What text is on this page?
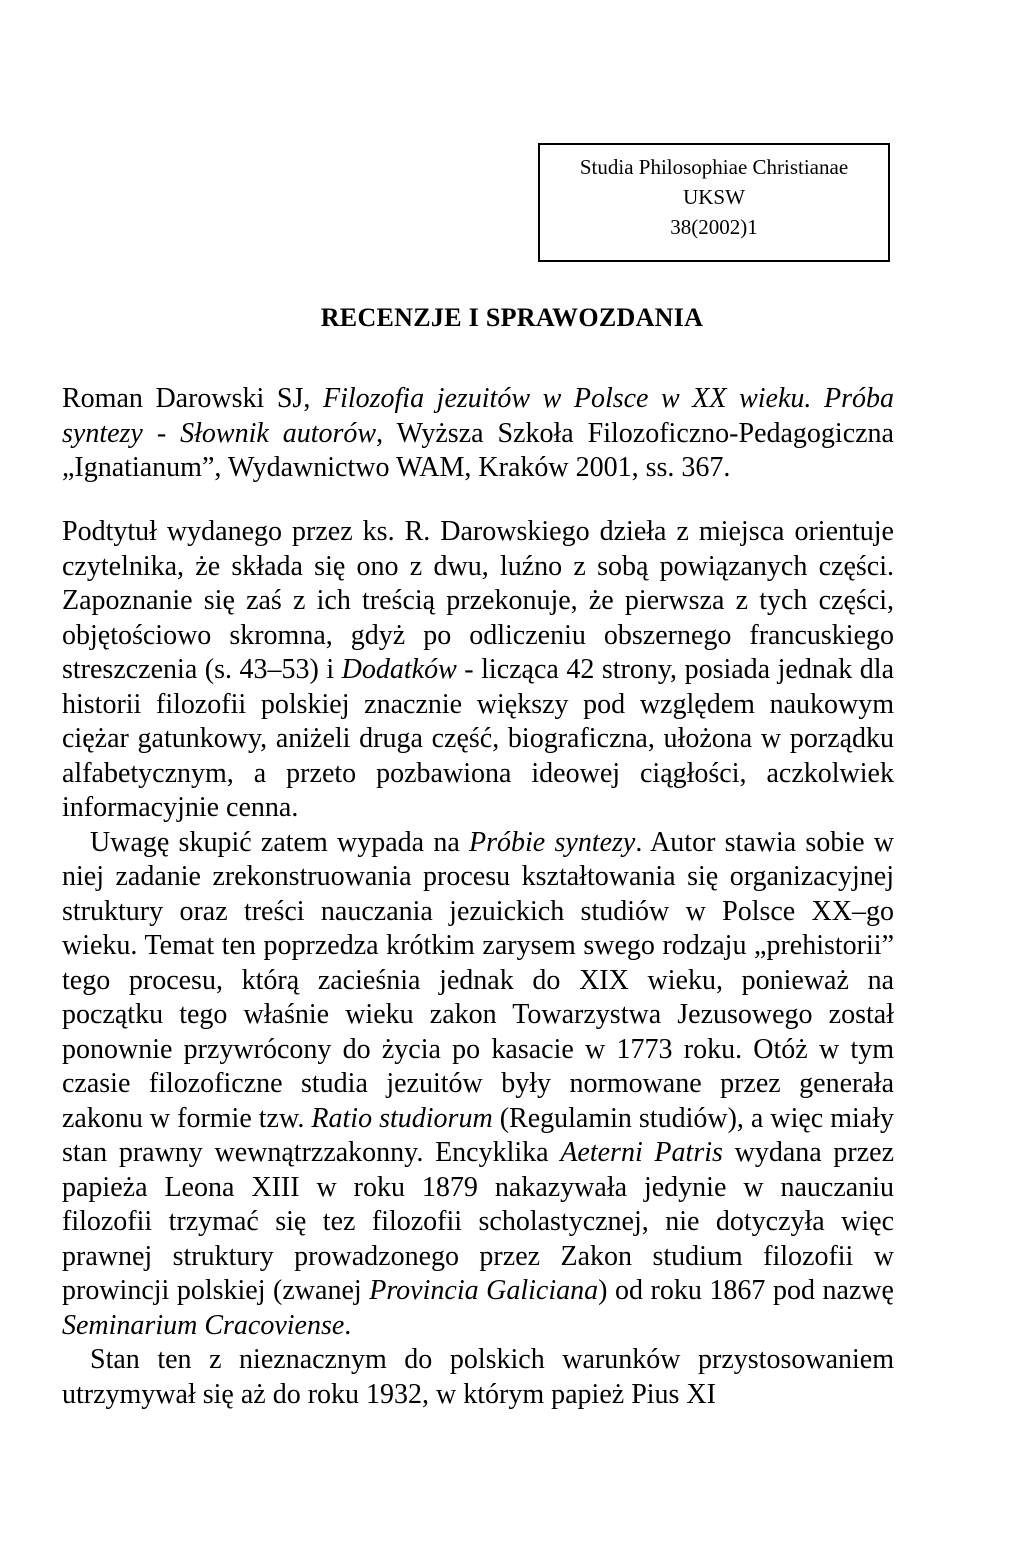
Studia Philosophiae Christianae
UKSW
38(2002)1
RECENZJE I SPRAWOZDANIA
Roman Darowski SJ, Filozofia jezuitów w Polsce w XX wieku. Próba syntezy - Słownik autorów, Wyższa Szkoła Filozoficzno-Pedagogiczna „Ignatianum”, Wydawnictwo WAM, Kraków 2001, ss. 367.

Podtytuł wydanego przez ks. R. Darowskiego dzieła z miejsca orientuje czytelnika, że składa się ono z dwu, luźno z sobą powiązanych części. Zapoznanie się zaś z ich treścią przekonuje, że pierwsza z tych części, objętościowo skromna, gdyż po odliczeniu obszernego francuskiego streszczenia (s. 43–53) i Dodatków - licząca 42 strony, posiada jednak dla historii filozofii polskiej znacznie większy pod względem naukowym ciężar gatunkowy, aniżeli druga część, biograficzna, ułożona w porządku alfabetycznym, a przeto pozbawiona ideowej ciągłości, aczkolwiek informacyjnie cenna.

Uwagę skupić zatem wypada na Próbie syntezy. Autor stawia sobie w niej zadanie zrekonstruowania procesu kształtowania się organizacyjnej struktury oraz treści nauczania jezuickich studiów w Polsce XX–go wieku. Temat ten poprzedza krótkim zarysem swego rodzaju „prehistorii” tego procesu, którą zacieśnia jednak do XIX wieku, ponieważ na początku tego właśnie wieku zakon Towarzystwa Jezusowego został ponownie przywrócony do życia po kasacie w 1773 roku. Otóż w tym czasie filozoficzne studia jezuitów były normowane przez generała zakonu w formie tzw. Ratio studiorum (Regulamin studiów), a więc miały stan prawny wewnątrzzakonny. Encyklika Aeterni Patris wydana przez papieża Leona XIII w roku 1879 nakazywała jedynie w nauczaniu filozofii trzymać się tez filozofii scholastycznej, nie dotyczyła więc prawnej struktury prowadzonego przez Zakon studium filozofii w prowincji polskiej (zwanej Provincia Galiciana) od roku 1867 pod nazwę Seminarium Cracoviense.

Stan ten z nieznacznym do polskich warunków przystosowaniem utrzymywał się aż do roku 1932, w którym papież Pius XI
